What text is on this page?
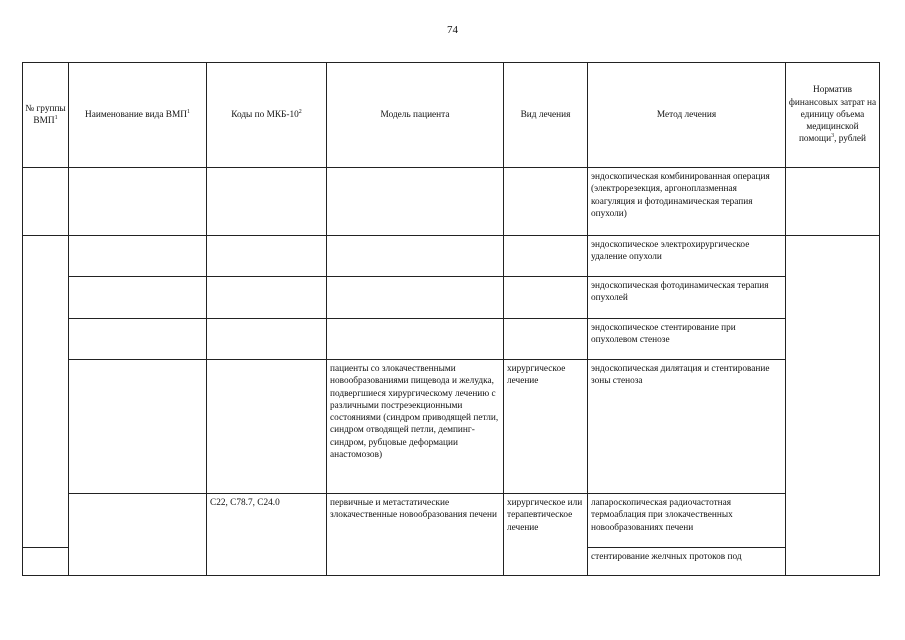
74
№ группы ВМП$^1$	Наименование вида ВМП$^1$	Коды по МКБ-$10^2$	Модель пациента	Вид лечения	Метод лечения	Норматив финансовых затрат на единицу объема медицинской помощи$^3$, рублей	
					эндоскопическая комбинированная операция (электрорезекция, аргоноплазменная коагуляция и фотодинамическая терапия опухоли)		
					эндоскопическое электрохирургическое удаление опухоли		
					эндоскопическая фотодинамическая терапия опухолей		
					эндоскопическое стентирование при опухолевом стенозе		
			пациенты со злокачественными новообразованиями пищевода и желудка, подвергшиеся хирургическому лечению с различными постреэекционными состояниями (синдром приводящей петли, синдром отводящей петли, демпинг-синдром, рубцовые деформации анастомозов)	хирургическое лечение	эндоскопическая дилятация и стентирование зоны стеноза		
		C22, C78.7, C24.0	первичные и метастатические злокачественные новообразования печени	хирургическое или терапевтическое лечение	лапароскопическая радиочастотная термоаблация при злокачественных новообразованиях печени		
					стентирование желчных протоков под		
